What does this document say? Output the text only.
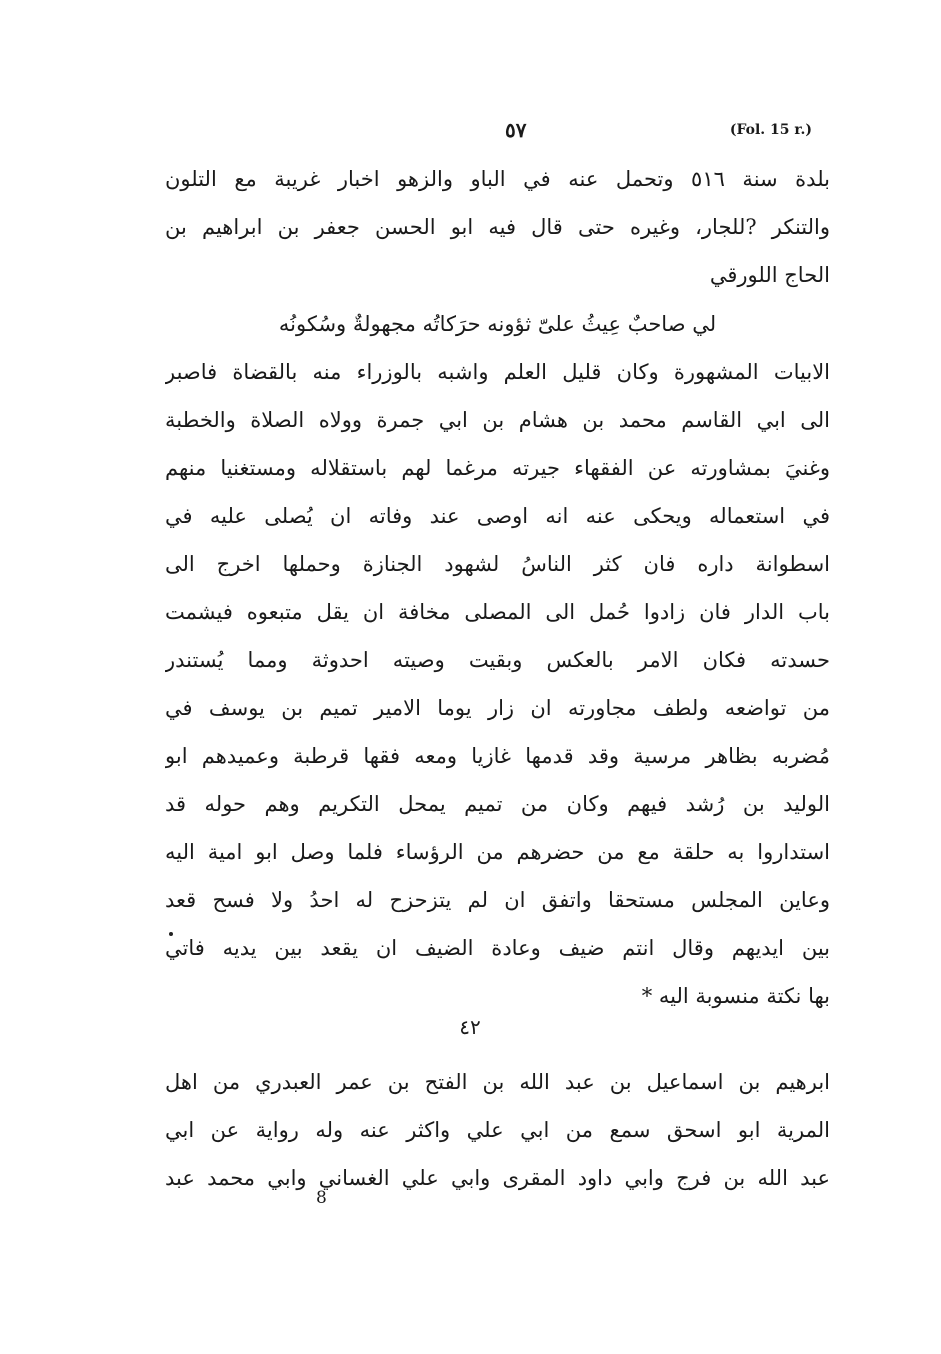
٥٧	(Fol. 15 r.)
بلدة سنة ٥١٦ وتحمل عنه في الباو والزهو اخبار غريبة مع التلون
والتنكر ?للجار، وغيره حتى قال فيه ابو الحسن جعفر بن ابراهيم بن
الحاج اللورقي
لي صاحبٌ عِيثُ علىّ ثؤونه حرَكاتُه مجهولةٌ وسُكونُه
الابيات المشهورة وكان قليل العلم واشبه بالوزراء منه بالقضاة فاصبر
الى ابي القاسم محمد بن هشام بن ابي جمرة وولاه الصلاة والخطبة
وغنيَ بمشاورته عن الفقهاء جيرته مرغما لهم باستقلاله ومستغنيا منهم
في استعماله ويحكى عنه انه اوصى عند وفاته ان يُصلى عليه في
اسطوانة داره فان كثر الناسُ لشهود الجنازة وحملها اخرج الى
باب الدار فان زادوا حُمل الى المصلى مخافة ان يقل متبعوه فيشمت
حسدته فكان الامر بالعكس وبقيت وصيته احدوثة ومما يُستندر
من تواضعه ولطف مجاورته ان زار يوما الامير تميم بن يوسف في
مُضربه بظاهر مرسية وقد قدمها غازيا ومعه فقها قرطبة وعميدهم ابو
الوليد بن رُشد فيهم وكان من تميم يمحل التكريم وهم حوله قد
استداروا به حلقة مع من حضرهم من الرؤساء فلما وصل ابو امية اليه
وعاين المجلس مستحقا واتفق ان لم يتزحزح له احدُ ولا فسح قعد
بين ايديهم وقال انتم ضيف وعادة الضيف ان يقعد بين يديه فاتي
بها نكتة منسوبة اليه *
٤٢
ابرهيم بن اسماعيل بن عبد الله بن الفتح بن عمر العبدري من اهل
المرية ابو اسحق سمع من ابي علي واكثر عنه وله رواية عن ابي
عبد الله بن فرج وابي داود المقرى وابي علي الغساني وابي محمد عبد
8
